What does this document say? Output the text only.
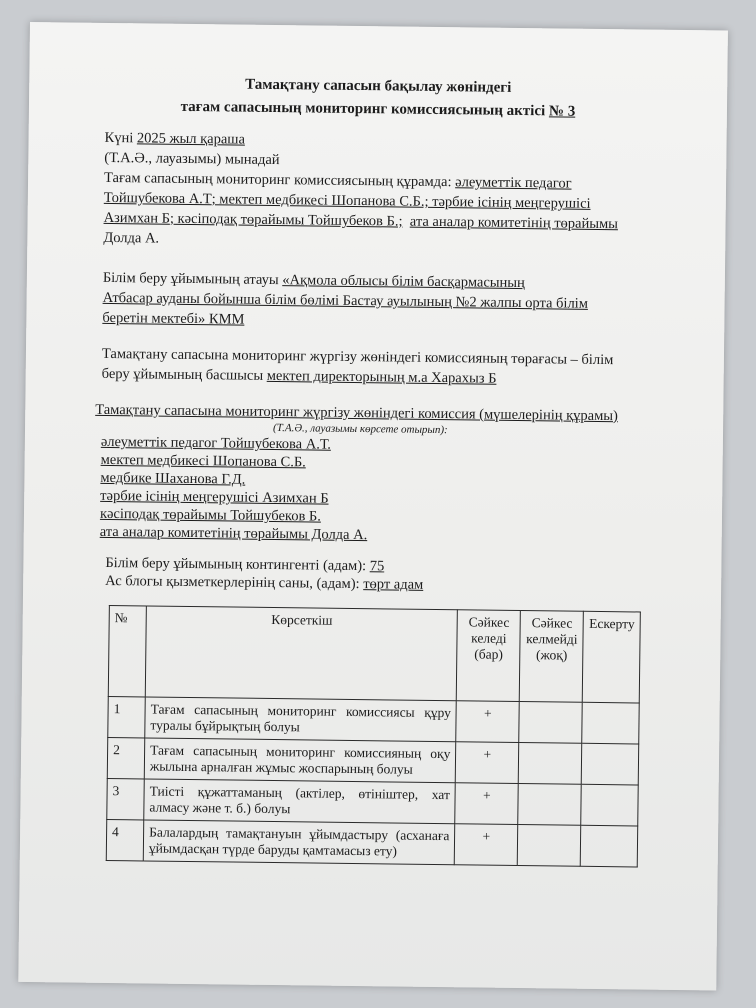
Тамақтану сапасын бақылау жөніндегі
тағам сапасының мониторинг комиссиясының актісі № 3
Күні 2025 жыл қараша
(Т.А.Ә., лауазымы) мынадай
Тағам сапасының мониторинг комиссиясының құрамда: әлеуметтік педагог
Тойшубекова А.Т; мектеп медбикесі Шопанова С.Б.; тәрбие ісінің меңгерушісі
Азимхан Б; кәсіподақ төрайымы Тойшубеков Б.; ата аналар комитетінің төрайымы
Долда А.
Білім беру ұйымының атауы «Ақмола облысы білім басқармасының
Атбасар ауданы бойынша білім бөлімі Бастау ауылының №2 жалпы орта білім
беретін мектебі» КММ
Тамақтану сапасына мониторинг жүргізу жөніндегі комиссияның төрағасы – білім
беру ұйымының басшысы мектеп директорының м.а Харахыз Б
Тамақтану сапасына мониторинг жүргізу жөніндегі комиссия (мүшелерінің құрамы)
(Т.А.Ә., лауазымы көрсете отырып):
әлеуметтік педагог Тойшубекова А.Т.
мектеп медбикесі Шопанова С.Б.
медбике Шаханова Г.Д.
тәрбие ісінің меңгерушісі Азимхан Б
кәсіподақ төрайымы Тойшубеков Б.
ата аналар комитетінің төрайымы Долда А.
Білім беру ұйымының контингенті (адам): 75
Ас блогы қызметкерлерінің саны, (адам): төрт адам
№	Көрсеткіш	Сәйкес келеді (бар)	Сәйкес келмейді (жоқ)	Ескерту
1	Тағам сапасының мониторинг комиссиясы құру туралы бұйрықтың болуы	+		
2	Тағам сапасының мониторинг комиссияның оқу жылына арналған жұмыс жоспарының болуы	+		
3	Тиісті құжаттаманың (актілер, өтініштер, хат алмасу және т. б.) болуы	+		
4	Балалардың тамақтануын ұйымдастыру (асханаға ұйымдасқан түрде баруды қамтамасыз ету)	+		
